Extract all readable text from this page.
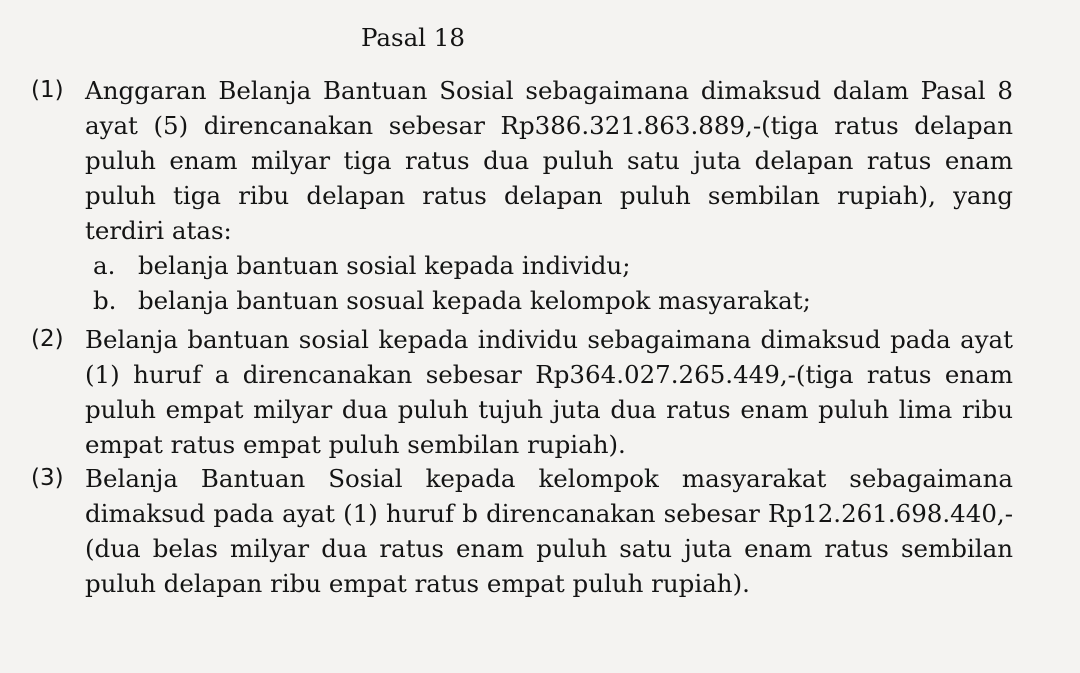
Pasal 18
(1) Anggaran Belanja Bantuan Sosial sebagaimana dimaksud dalam Pasal 8 ayat (5) direncanakan sebesar Rp386.321.863.889,-(tiga ratus delapan puluh enam milyar tiga ratus dua puluh satu juta delapan ratus enam puluh tiga ribu delapan ratus delapan puluh sembilan rupiah), yang terdiri atas:
a. belanja bantuan sosial kepada individu;
b. belanja bantuan sosual kepada kelompok masyarakat;
(2) Belanja bantuan sosial kepada individu sebagaimana dimaksud pada ayat (1) huruf a direncanakan sebesar Rp364.027.265.449,-(tiga ratus enam puluh empat milyar dua puluh tujuh juta dua ratus enam puluh lima ribu empat ratus empat puluh sembilan rupiah).
(3) Belanja Bantuan Sosial kepada kelompok masyarakat sebagaimana dimaksud pada ayat (1) huruf b direncanakan sebesar Rp12.261.698.440,-(dua belas milyar dua ratus enam puluh satu juta enam ratus sembilan puluh delapan ribu empat ratus empat puluh rupiah).
